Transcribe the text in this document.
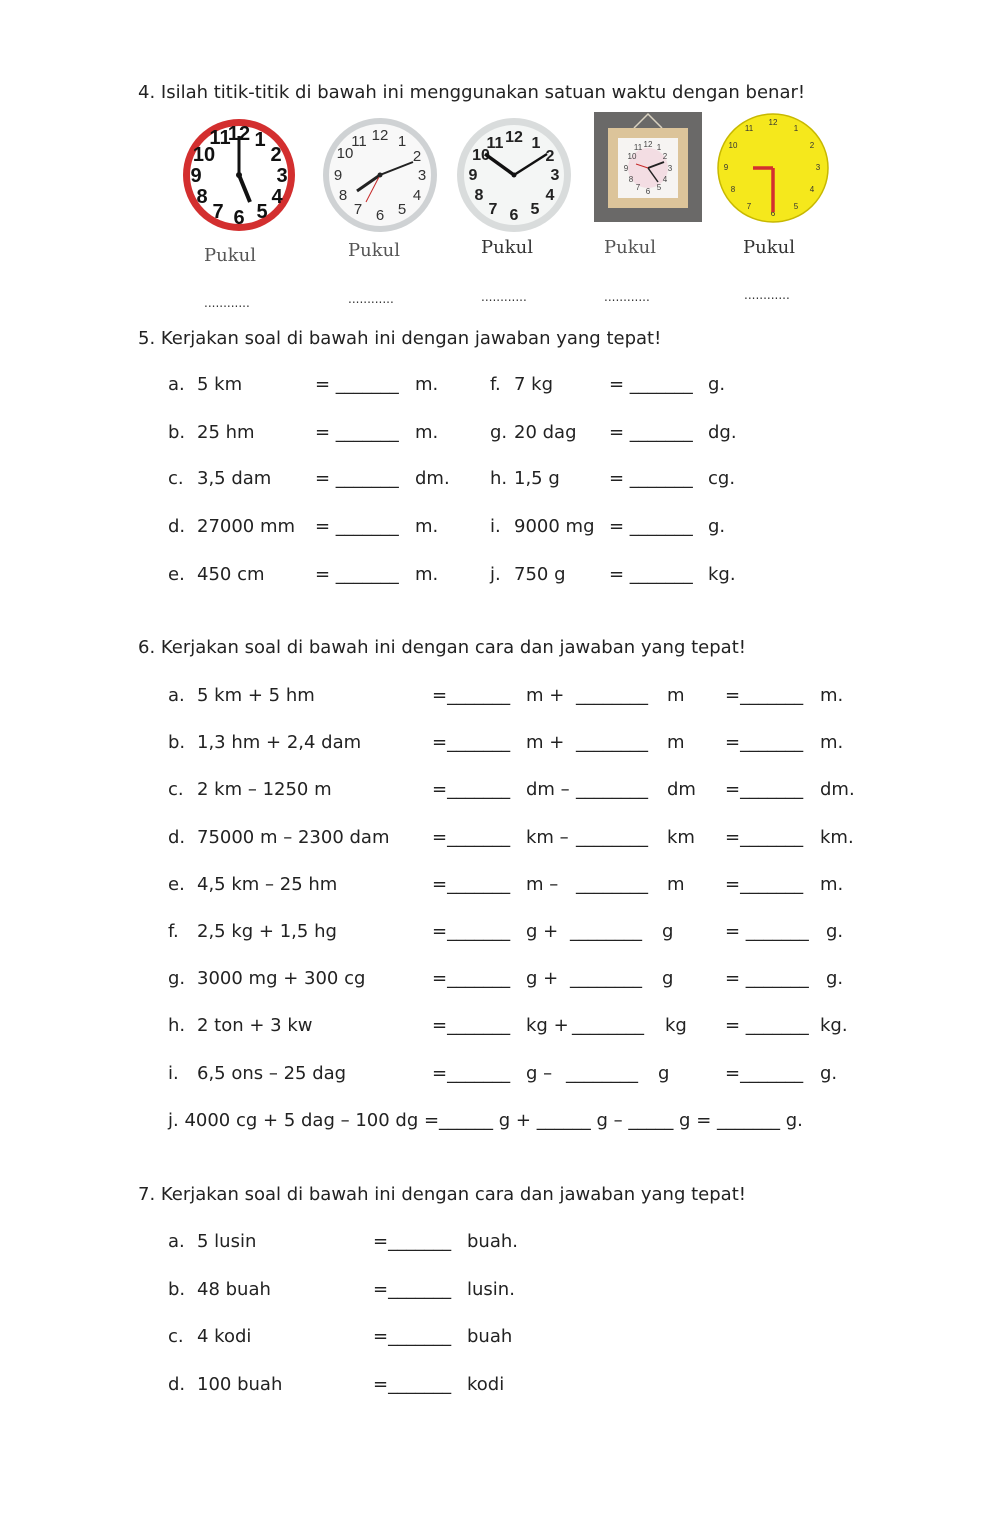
4. Isilah titik-titik di bawah ini menggunakan satuan waktu dengan benar!
12 1
2
3
4
5
6
7
8
9
10
11	12 1
2
3
4
5
6
7
8
9
10
11	12 1
2
3
4
5
6
7
8
9
10
11	12
3
6
9
11 1
10	2
8	4
7 5
12
1
2
3
4
5
6
7
8
9
10
11
Pukul	Pukul	Pukul	Pukul	Pukul
............	............	............	............	............
5. Kerjakan soal di bawah ini dengan jawaban yang tepat!
a. 5 km	= _______ m.	f. 7 kg	= _______ g.
b. 25 hm	= _______ m.	g. 20 dag = _______ dg.
c. 3,5 dam = _______ dm. h. 1,5 g	= _______ cg.
d. 27000 mm = _______ m.	i. 9000 mg = _______ g.
e. 450 cm	= _______ m.	j. 750 g = _______ kg.
6. Kerjakan soal di bawah ini dengan cara dan jawaban yang tepat!
a. 5 km + 5 hm	=_______ m + ________ m =_______ m.
b. 1,3 hm + 2,4 dam	=_______ m + ________ m =_______ m.
c. 2 km – 1250 m	=_______ dm – ________ dm =_______ dm.
d. 75000 m – 2300 dam =_______ km – ________ km =_______ km.
e. 4,5 km – 25 hm	=_______ m – ________ m =_______ m.
f. 2,5 kg + 1,5 hg	=_______ g + ________ g	= _______ g.
g. 3000 mg + 300 cg	=_______ g + ________ g	= _______ g.
h. 2 ton + 3 kw	=_______ kg + ________ kg = _______ kg.
i. 6,5 ons – 25 dag	=_______ g – ________ g	=_______ g.
j. 4000 cg + 5 dag – 100 dg =______ g + ______ g – _____ g = _______ g.
7. Kerjakan soal di bawah ini dengan cara dan jawaban yang tepat!
a. 5 lusin	=_______ buah.
b. 48 buah	=_______ lusin.
c. 4 kodi	=_______ buah
d. 100 buah	=_______ kodi
